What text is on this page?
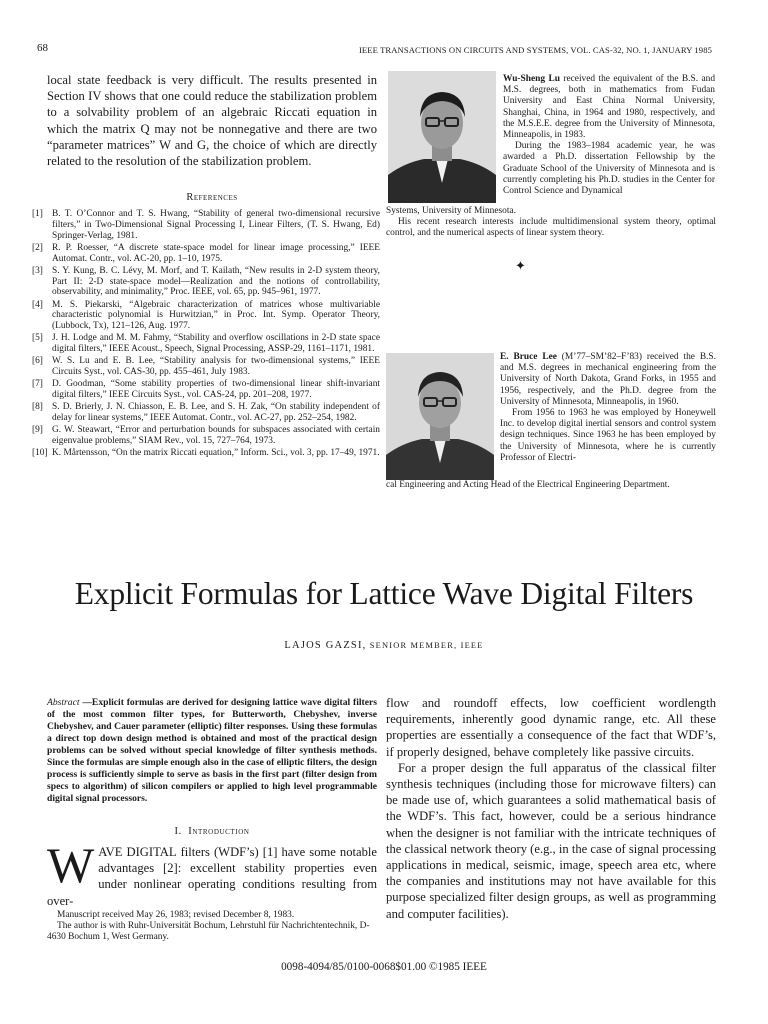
68	IEEE TRANSACTIONS ON CIRCUITS AND SYSTEMS, VOL. CAS-32, NO. 1, JANUARY 1985
local state feedback is very difficult. The results presented in Section IV shows that one could reduce the stabilization problem to a solvability problem of an algebraic Riccati equation in which the matrix Q may not be nonnegative and there are two “parameter matrices” W and G, the choice of which are directly related to the resolution of the stabilization problem.
References
[1] B. T. O’Connor and T. S. Hwang, “Stability of general two-dimensional recursive filters,” in Two-Dimensional Signal Processing I, Linear Filters, (T. S. Hwang, Ed) Springer-Verlag, 1981.
[2] R. P. Roesser, “A discrete state-space model for linear image processing,” IEEE Automat. Contr., vol. AC-20, pp. 1–10, 1975.
[3] S. Y. Kung, B. C. Lévy, M. Morf, and T. Kailath, “New results in 2-D system theory, Part II: 2-D state-space model—Realization and the notions of controllability, observability, and minimality,” Proc. IEEE, vol. 65, pp. 945–961, 1977.
[4] M. S. Piekarski, “Algebraic characterization of matrices whose multivariable characteristic polynomial is Hurwitzian,” in Proc. Int. Symp. Operator Theory, (Lubbock, Tx), 121–126, Aug. 1977.
[5] J. H. Lodge and M. M. Fahmy, “Stability and overflow oscillations in 2-D state space digital filters,” IEEE Acoust., Speech, Signal Processing, ASSP-29, 1161–1171, 1981.
[6] W. S. Lu and E. B. Lee, “Stability analysis for two-dimensional systems,” IEEE Circuits Syst., vol. CAS-30, pp. 455–461, July 1983.
[7] D. Goodman, “Some stability properties of two-dimensional linear shift-invariant digital filters,” IEEE Circuits Syst., vol. CAS-24, pp. 201–208, 1977.
[8] S. D. Brierly, J. N. Chiasson, E. B. Lee, and S. H. Zak, “On stability independent of delay for linear systems,” IEEE Automat. Contr., vol. AC-27, pp. 252–254, 1982.
[9] G. W. Steawart, “Error and perturbation bounds for subspaces associated with certain eigenvalue problems,” SIAM Rev., vol. 15, 727–764, 1973.
[10] K. Mårtensson, “On the matrix Riccati equation,” Inform. Sci., vol. 3, pp. 17–49, 1971.
Wu-Sheng Lu received the equivalent of the B.S. and M.S. degrees, both in mathematics from Fudan University and East China Normal University, Shanghai, China, in 1964 and 1980, respectively, and the M.S.E.E. degree from the University of Minnesota, Minneapolis, in 1983.
During the 1983–1984 academic year, he was awarded a Ph.D. dissertation Fellowship by the Graduate School of the University of Minnesota and is currently completing his Ph.D. studies in the Center for Control Science and Dynamical
Systems, University of Minnesota.
His recent research interests include multidimensional system theory, optimal control, and the numerical aspects of linear system theory.
✦
E. Bruce Lee (M’77–SM’82–F’83) received the B.S. and M.S. degrees in mechanical engineering from the University of North Dakota, Grand Forks, in 1955 and 1956, respectively, and the Ph.D. degree from the University of Minnesota, Minneapolis, in 1960.
From 1956 to 1963 he was employed by Honeywell Inc. to develop digital inertial sensors and control system design techniques. Since 1963 he has been employed by the University of Minnesota, where he is currently Professor of Electri-
cal Engineering and Acting Head of the Electrical Engineering Department.
Explicit Formulas for Lattice Wave Digital Filters
LAJOS GAZSI, SENIOR MEMBER, IEEE
Abstract —Explicit formulas are derived for designing lattice wave digital filters of the most common filter types, for Butterworth, Chebyshev, inverse Chebyshev, and Cauer parameter (elliptic) filter responses. Using these formulas a direct top down design method is obtained and most of the practical design problems can be solved without special knowledge of filter synthesis methods. Since the formulas are simple enough also in the case of elliptic filters, the design process is sufficiently simple to serve as basis in the first part (filter design from specs to algorithm) of silicon compilers or applied to high level programmable digital signal processors.
I. Introduction
WAVE DIGITAL filters (WDF’s) [1] have some notable advantages [2]: excellent stability properties even under nonlinear operating conditions resulting from over-
Manuscript received May 26, 1983; revised December 8, 1983.
The author is with Ruhr-Universität Bochum, Lehrstuhl für Nachrichtentechnik, D-4630 Bochum 1, West Germany.
flow and roundoff effects, low coefficient wordlength requirements, inherently good dynamic range, etc. All these properties are essentially a consequence of the fact that WDF’s, if properly designed, behave completely like passive circuits.
For a proper design the full apparatus of the classical filter synthesis techniques (including those for microwave filters) can be made use of, which guarantees a solid mathematical basis of the WDF’s. This fact, however, could be a serious hindrance when the designer is not familiar with the intricate techniques of the classical network theory (e.g., in the case of signal processing applications in medical, seismic, image, speech area etc, where the companies and institutions may not have available for this purpose specialized filter design groups, as well as programming and computer facilities).
0098-4094/85/0100-0068$01.00 ©1985 IEEE
